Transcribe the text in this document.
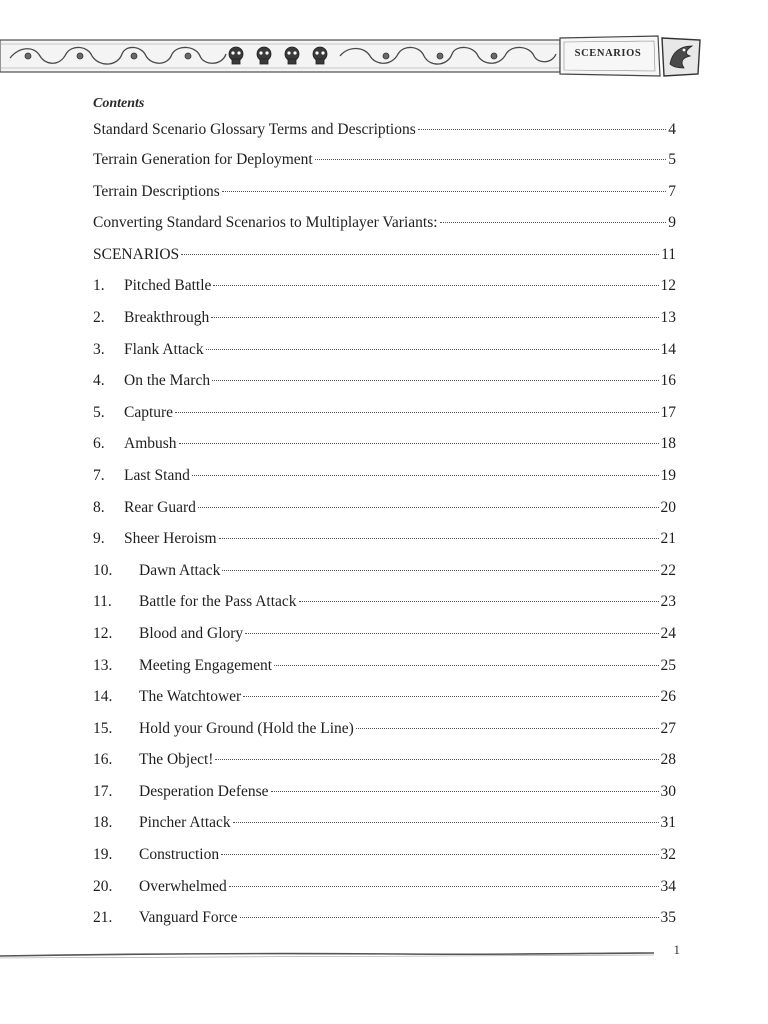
SCENARIOS
Contents
Standard Scenario Glossary Terms and Descriptions	4
Terrain Generation for Deployment	5
Terrain Descriptions	7
Converting Standard Scenarios to Multiplayer Variants:	9
SCENARIOS	11
1.	Pitched Battle	12
2.	Breakthrough	13
3.	Flank Attack	14
4.	On the March	16
5.	Capture	17
6.	Ambush	18
7.	Last Stand	19
8.	Rear Guard	20
9.	Sheer Heroism	21
10.	Dawn Attack	22
11.	Battle for the Pass Attack	23
12.	Blood and Glory	24
13.	Meeting Engagement	25
14.	The Watchtower	26
15.	Hold your Ground (Hold the Line)	27
16.	The Object!	28
17.	Desperation Defense	30
18.	Pincher Attack	31
19.	Construction	32
20.	Overwhelmed	34
21.	Vanguard Force	35
1
